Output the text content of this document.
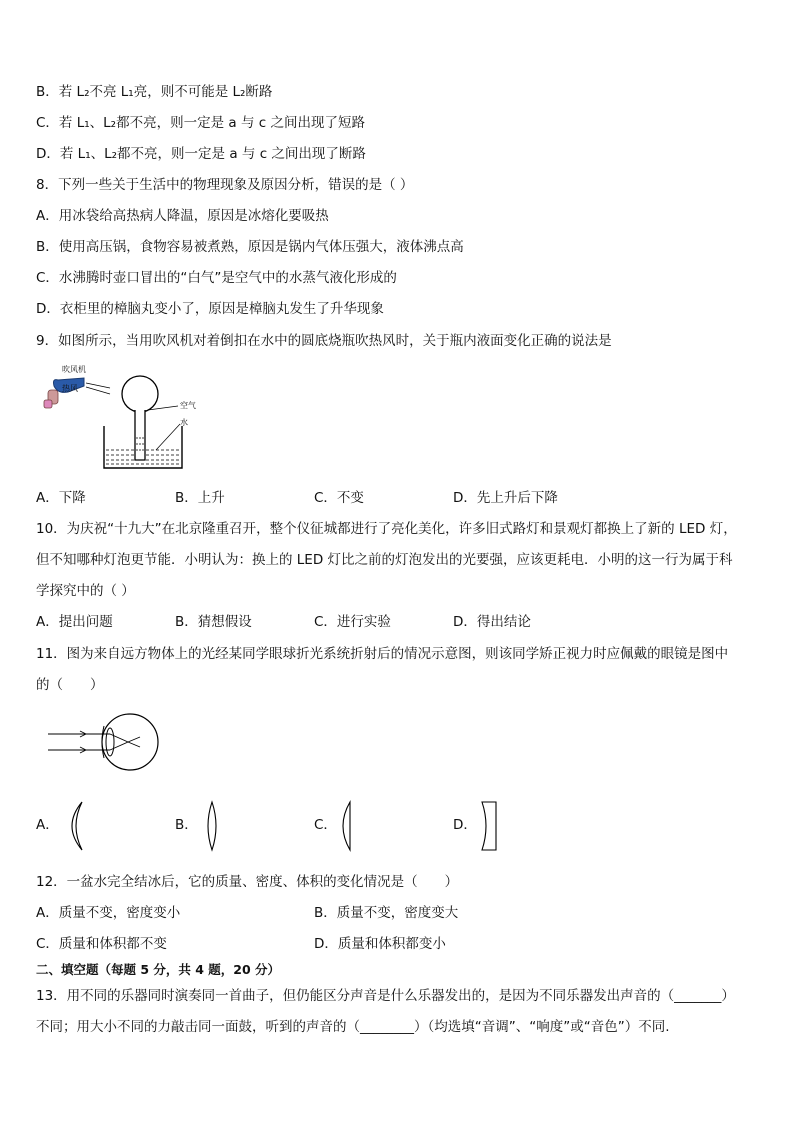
B．若 L₂不亮 L₁亮，则不可能是 L₂断路
C．若 L₁、L₂都不亮，则一定是 a 与 c 之间出现了短路
D．若 L₁、L₂都不亮，则一定是 a 与 c 之间出现了断路
8．下列一些关于生活中的物理现象及原因分析，错误的是（ ）
A．用冰袋给高热病人降温，原因是冰熔化要吸热
B．使用高压锅，食物容易被煮熟，原因是锅内气体压强大，液体沸点高
C．水沸腾时壶口冒出的“白气”是空气中的水蒸气液化形成的
D．衣柜里的樟脑丸变小了，原因是樟脑丸发生了升华现象
9．如图所示，当用吹风机对着倒扣在水中的圆底烧瓶吹热风时，关于瓶内液面变化正确的说法是
吹风机
热风
空气
水
A．下降	B．上升	C．不变	D．先上升后下降
10．为庆祝“十九大”在北京隆重召开，整个仪征城都进行了亮化美化，许多旧式路灯和景观灯都换上了新的 LED 灯，
但不知哪种灯泡更节能．小明认为：换上的 LED 灯比之前的灯泡发出的光要强，应该更耗电．小明的这一行为属于科
学探究中的（ ）
A．提出问题	B．猜想假设	C．进行实验	D．得出结论
11．图为来自远方物体上的光经某同学眼球折光系统折射后的情况示意图，则该同学矫正视力时应佩戴的眼镜是图中
的（　　）
A．	B．	C．	D．
12．一盆水完全结冰后，它的质量、密度、体积的变化情况是（　　）
A．质量不变，密度变小	B．质量不变，密度变大
C．质量和体积都不变	D．质量和体积都变小
二、填空题（每题 5 分，共 4 题，20 分）
13．用不同的乐器同时演奏同一首曲子，但仍能区分声音是什么乐器发出的，是因为不同乐器发出声音的（_______）
不同；用大小不同的力敲击同一面鼓，听到的声音的（________）（均选填“音调”、“响度”或“音色”）不同.
